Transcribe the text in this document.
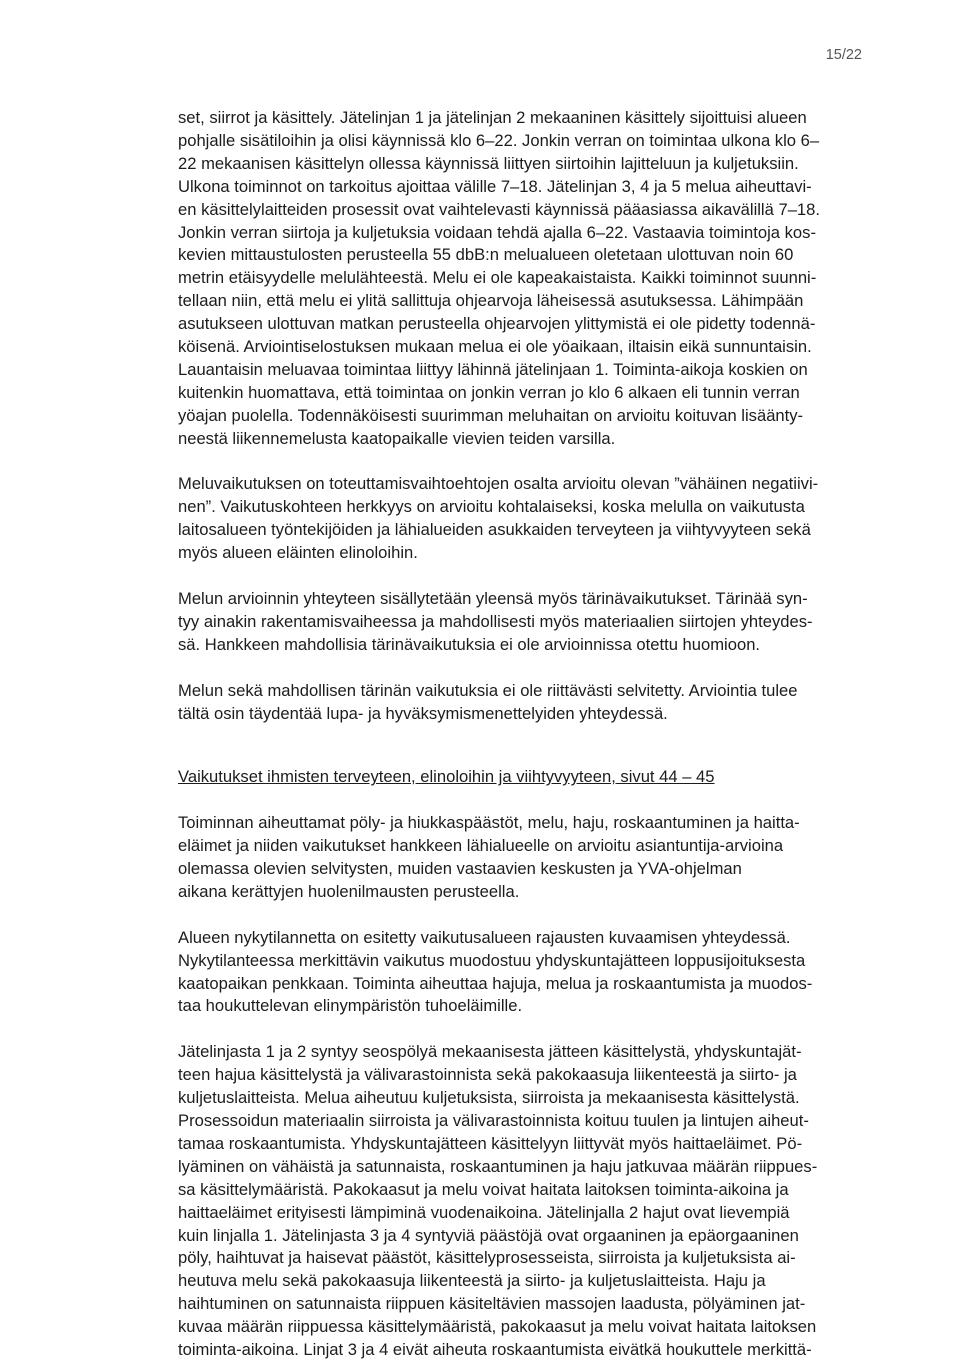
15/22
set, siirrot ja käsittely. Jätelinjan 1 ja jätelinjan 2 mekaaninen käsittely sijoittuisi alueen
pohjalle sisätiloihin ja olisi käynnissä klo 6–22. Jonkin verran on toimintaa ulkona klo 6–
22 mekaanisen käsittelyn ollessa käynnissä liittyen siirtoihin lajitteluun ja kuljetuksiin.
Ulkona toiminnot on tarkoitus ajoittaa välille 7–18. Jätelinjan 3, 4 ja 5 melua aiheuttavi-
en käsittelylaitteiden prosessit ovat vaihtelevasti käynnissä pääasiassa aikavälillä 7–18.
Jonkin verran siirtoja ja kuljetuksia voidaan tehdä ajalla 6–22. Vastaavia toimintoja kos-
kevien mittaustulosten perusteella 55 dbB:n melualueen oletetaan ulottuvan noin 60
metrin etäisyydelle melulähteestä. Melu ei ole kapeakaistaista. Kaikki toiminnot suunni-
tellaan niin, että melu ei ylitä sallittuja ohjearvoja läheisessä asutuksessa. Lähimpään
asutukseen ulottuvan matkan perusteella ohjearvojen ylittymistä ei ole pidetty todennä-
köisenä. Arviointiselostuksen mukaan melua ei ole yöaikaan, iltaisin eikä sunnuntaisin.
Lauantaisin meluavaa toimintaa liittyy lähinnä jätelinjaan 1. Toiminta-aikoja koskien on
kuitenkin huomattava, että toimintaa on jonkin verran jo klo 6 alkaen eli tunnin verran
yöajan puolella. Todennäköisesti suurimman meluhaitan on arvioitu koituvan lisäänty-
neestä liikennemelusta kaatopaikalle vievien teiden varsilla.
Meluvaikutuksen on toteuttamisvaihtoehtojen osalta arvioitu olevan ”vähäinen negatiivi-
nen”. Vaikutuskohteen herkkyys on arvioitu kohtalaiseksi, koska melulla on vaikutusta
laitosalueen työntekijöiden ja lähialueiden asukkaiden terveyteen ja viihtyvyyteen sekä
myös alueen eläinten elinoloihin.
Melun arvioinnin yhteyteen sisällytetään yleensä myös tärinävaikutukset. Tärinää syn-
tyy ainakin rakentamisvaiheessa ja mahdollisesti myös materiaalien siirtojen yhteydes-
sä. Hankkeen mahdollisia tärinävaikutuksia ei ole arvioinnissa otettu huomioon.
Melun sekä mahdollisen tärinän vaikutuksia ei ole riittävästi selvitetty. Arviointia tulee
tältä osin täydentää lupa- ja hyväksymismenettelyiden yhteydessä.
Vaikutukset ihmisten terveyteen, elinoloihin ja viihtyvyyteen, sivut 44 – 45
Toiminnan aiheuttamat pöly- ja hiukkaspäästöt, melu, haju, roskaantuminen ja haitta-
eläimet ja niiden vaikutukset hankkeen lähialueelle on arvioitu asiantuntija-arvioina
olemassa olevien selvitysten, muiden vastaavien keskusten ja YVA-ohjelman
aikana kerättyjen huolenilmausten perusteella.
Alueen nykytilannetta on esitetty vaikutusalueen rajausten kuvaamisen yhteydessä.
Nykytilanteessa merkittävin vaikutus muodostuu yhdyskuntajätteen loppusijoituksesta
kaatopaikan penkkaan. Toiminta aiheuttaa hajuja, melua ja roskaantumista ja muodos-
taa houkuttelevan elinympäristön tuhoeläimille.
Jätelinjasta 1 ja 2 syntyy seospölyä mekaanisesta jätteen käsittelystä, yhdyskuntajät-
teen hajua käsittelystä ja välivarastoinnista sekä pakokaasuja liikenteestä ja siirto- ja
kuljetuslaitteista. Melua aiheutuu kuljetuksista, siirroista ja mekaanisesta käsittelystä.
Prosessoidun materiaalin siirroista ja välivarastoinnista koituu tuulen ja lintujen aiheut-
tamaa roskaantumista. Yhdyskuntajätteen käsittelyyn liittyvät myös haittaeläimet. Pö-
lyäminen on vähäistä ja satunnaista, roskaantuminen ja haju jatkuvaa määrän riippues-
sa käsittelymääristä. Pakokaasut ja melu voivat haitata laitoksen toiminta-aikoina ja
haittaeläimet erityisesti lämpiminä vuodenaikoina. Jätelinjalla 2 hajut ovat lievempiä
kuin linjalla 1. Jätelinjasta 3 ja 4 syntyviä päästöjä ovat orgaaninen ja epäorgaaninen
pöly, haihtuvat ja haisevat päästöt, käsittelyprosesseista, siirroista ja kuljetuksista ai-
heutuva melu sekä pakokaasuja liikenteestä ja siirto- ja kuljetuslaitteista. Haju ja
haihtuminen on satunnaista riippuen käsiteltävien massojen laadusta, pölyäminen jat-
kuvaa määrän riippuessa käsittelymääristä, pakokaasut ja melu voivat haitata laitoksen
toiminta-aikoina. Linjat 3 ja 4 eivät aiheuta roskaantumista eivätkä houkuttele merkittä-
